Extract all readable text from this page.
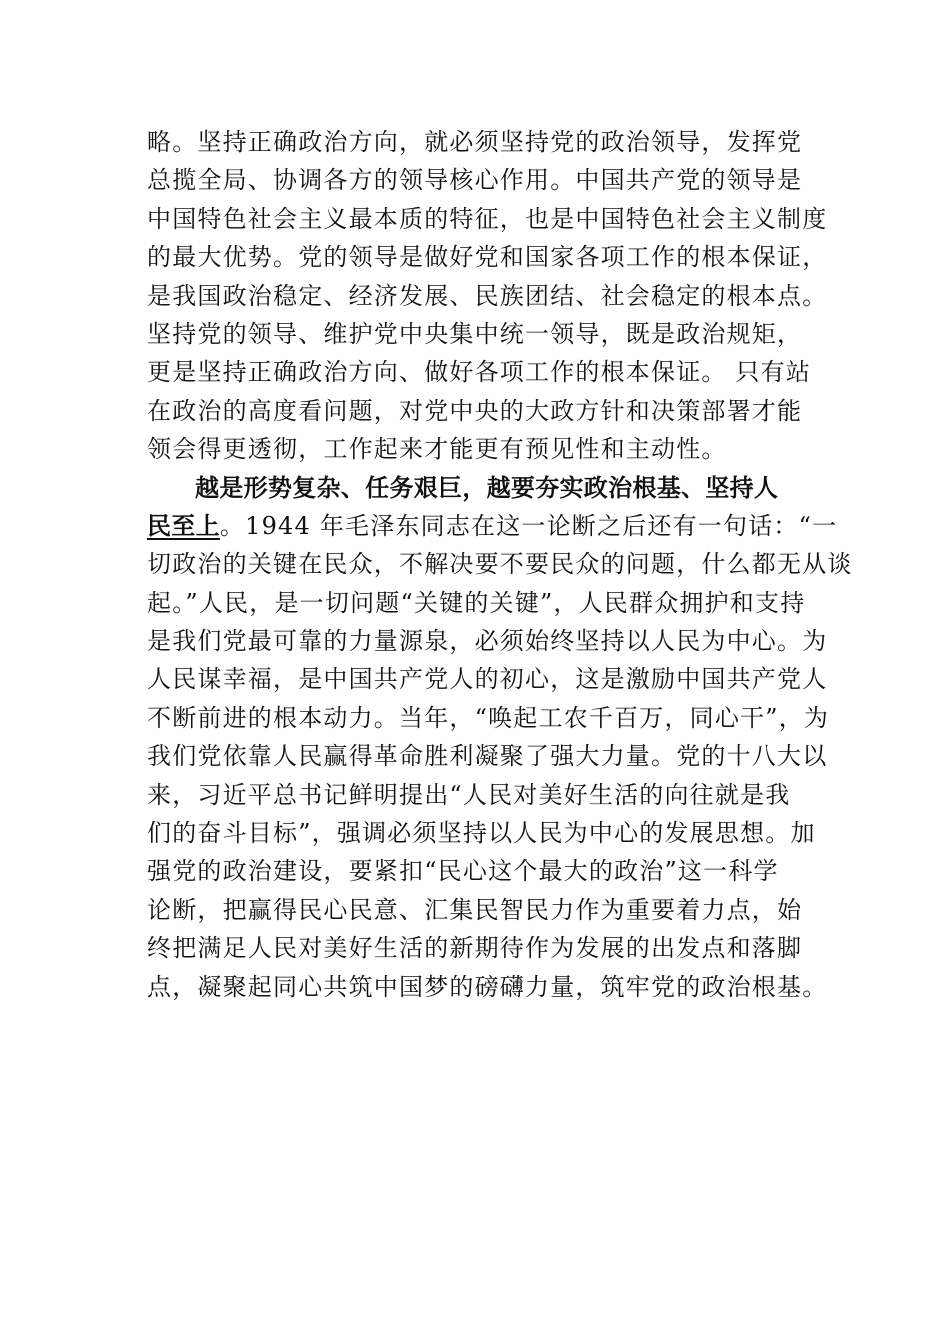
略。坚持正确政治方向，就必须坚持党的政治领导，发挥党
总揽全局、协调各方的领导核心作用。中国共产党的领导是
中国特色社会主义最本质的特征，也是中国特色社会主义制度
的最大优势。党的领导是做好党和国家各项工作的根本保证，
是我国政治稳定、经济发展、民族团结、社会稳定的根本点。
坚持党的领导、维护党中央集中统一领导，既是政治规矩，
更是坚持正确政治方向、做好各项工作的根本保证。 只有站
在政治的高度看问题，对党中央的大政方针和决策部署才能
领会得更透彻，工作起来才能更有预见性和主动性。
越是形势复杂、任务艰巨，越要夯实政治根基、坚持人
民至上。1944 年毛泽东同志在这一论断之后还有一句话：“一
切政治的关键在民众，不解决要不要民众的问题，什么都无从谈
起。”人民，是一切问题“关键的关键”，人民群众拥护和支持
是我们党最可靠的力量源泉，必须始终坚持以人民为中心。为
人民谋幸福，是中国共产党人的初心，这是激励中国共产党人
不断前进的根本动力。当年，“唤起工农千百万，同心干”，为
我们党依靠人民赢得革命胜利凝聚了强大力量。党的十八大以
来，习近平总书记鲜明提出“人民对美好生活的向往就是我
们的奋斗目标”，强调必须坚持以人民为中心的发展思想。加
强党的政治建设，要紧扣“民心这个最大的政治”这一科学
论断，把赢得民心民意、汇集民智民力作为重要着力点，始
终把满足人民对美好生活的新期待作为发展的出发点和落脚
点，凝聚起同心共筑中国梦的磅礴力量，筑牢党的政治根基。
